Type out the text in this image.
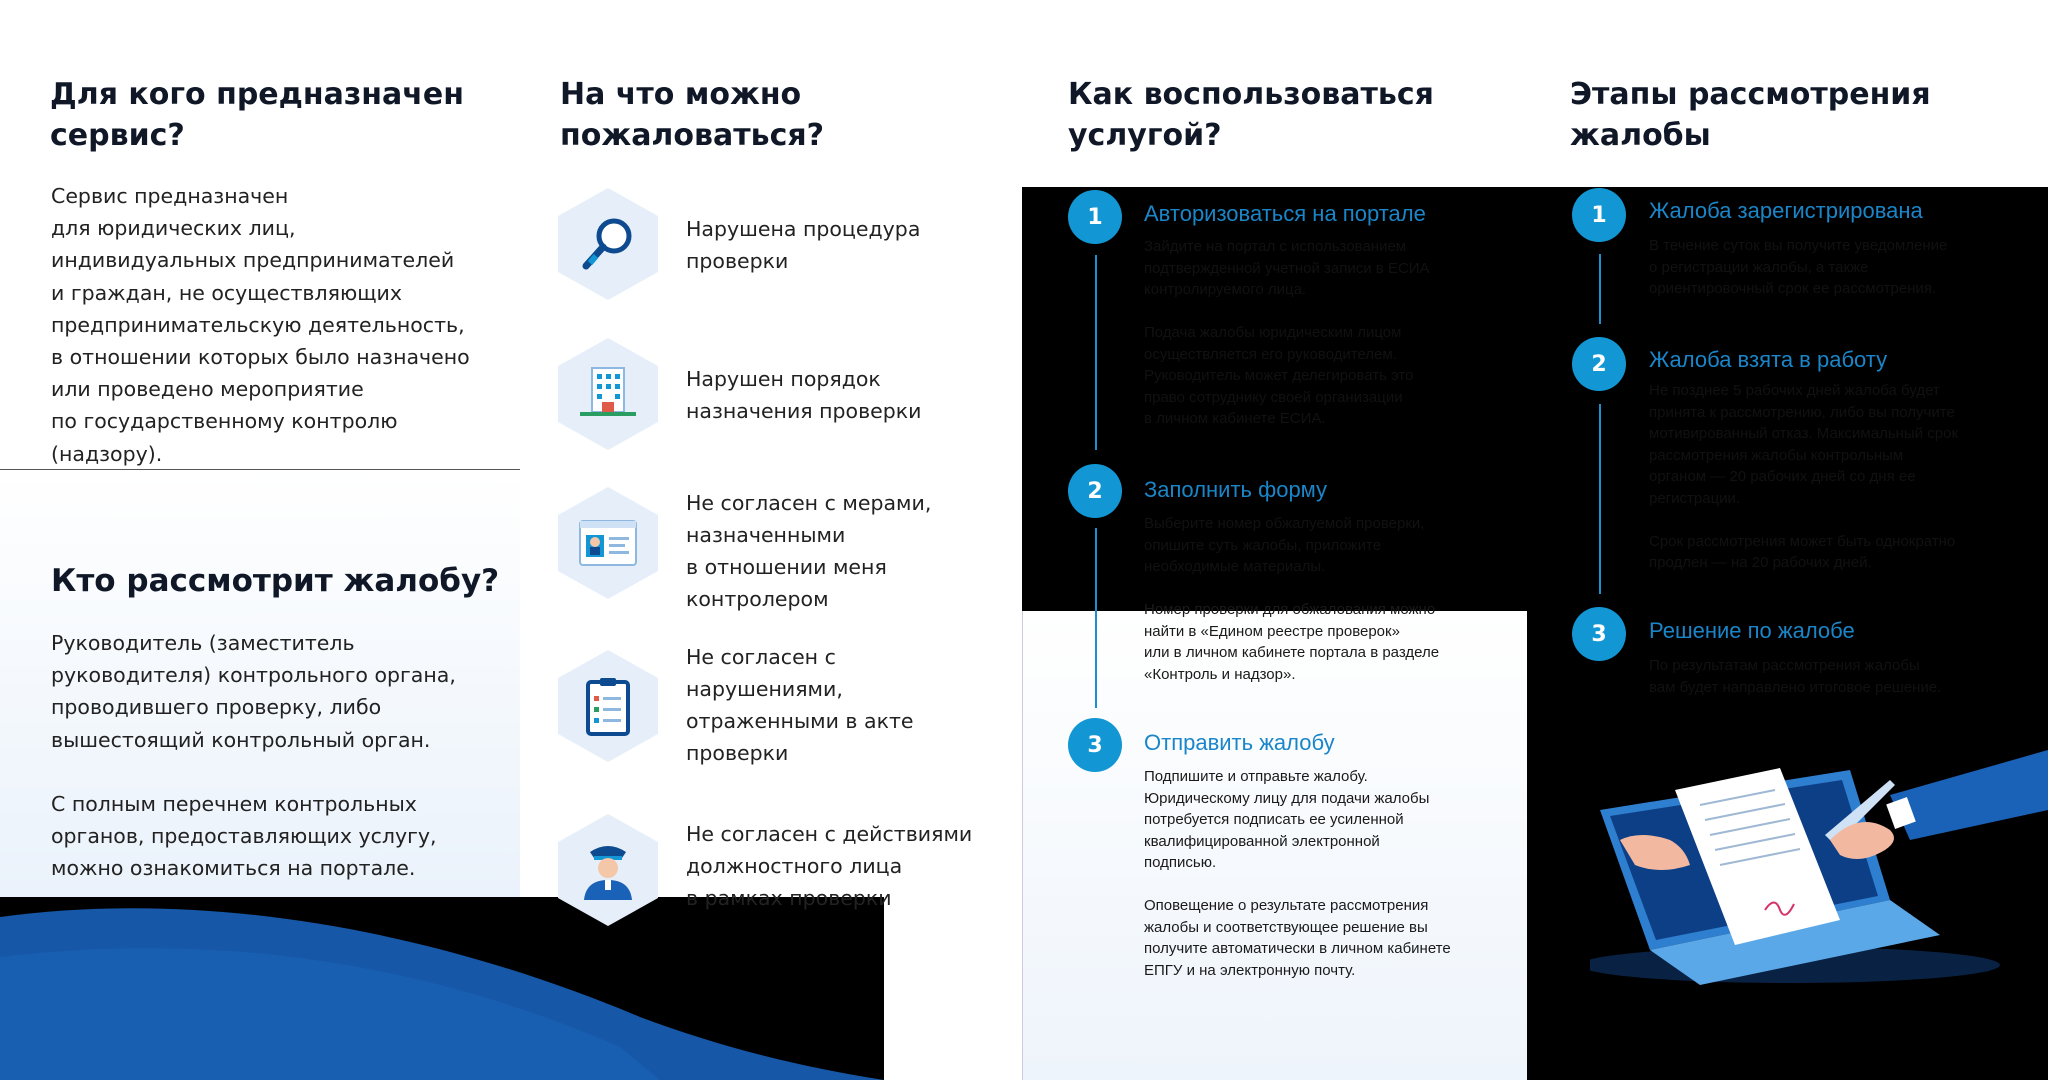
Для кого предназначен сервис?

Сервис предназначен
для юридических лиц,
индивидуальных предпринимателей
и граждан, не осуществляющих
предпринимательскую деятельность,
в отношении которых было назначено
или проведено мероприятие
по государственному контролю
(надзору).

Кто рассмотрит жалобу?

Руководитель (заместитель
руководителя) контрольного органа,
проводившего проверку, либо
вышестоящий контрольный орган.

С полным перечнем контрольных
органов, предоставляющих услугу,
можно ознакомиться на портале.

На что можно
пожаловаться?
Нарушена процедура
проверки
Нарушен порядок
назначения проверки
Не согласен с мерами,
назначенными
в отношении меня
контролером
Не согласен с
нарушениями,
отраженными в акте
проверки
Не согласен с действиями
должностного лица
в рамках проверки
Как воспользоваться услугой?
1	Авторизоваться на портале
Зайдите на портал с использованием
подтвержденной учетной записи в ЕСИА
контролируемого лица.

Подача жалобы юридическим лицом
осуществляется его руководителем.
Руководитель может делегировать это
право сотруднику своей организации
в личном кабинете ЕСИА.
2	Заполнить форму
Выберите номер обжалуемой проверки,
опишите суть жалобы, приложите
необходимые материалы.
Номер проверки для обжалования можно
найти в «Едином реестре проверок»
или в личном кабинете портала в разделе
«Контроль и надзор».
3	Отправить жалобу
Подпишите и отправьте жалобу.
Юридическому лицу для подачи жалобы
потребуется подписать ее усиленной
квалифицированной электронной
подписью.

Оповещение о результате рассмотрения
жалобы и соответствующее решение вы
получите автоматически в личном кабинете
ЕПГУ и на электронную почту.
Этапы рассмотрения
жалобы
1	Жалоба зарегистрирована
В течение суток вы получите уведомление
о регистрации жалобы, а также
ориентировочный срок ее рассмотрения.
2	Жалоба взята в работу
Не позднее 5 рабочих дней жалоба будет
принята к рассмотрению, либо вы получите
мотивированный отказ. Максимальный срок
рассмотрения жалобы контрольным
органом — 20 рабочих дней со дня ее
регистрации.

Срок рассмотрения может быть однократно
продлен — на 20 рабочих дней.
3	Решение по жалобе
По результатам рассмотрения жалобы
вам будет направлено итоговое решение.
